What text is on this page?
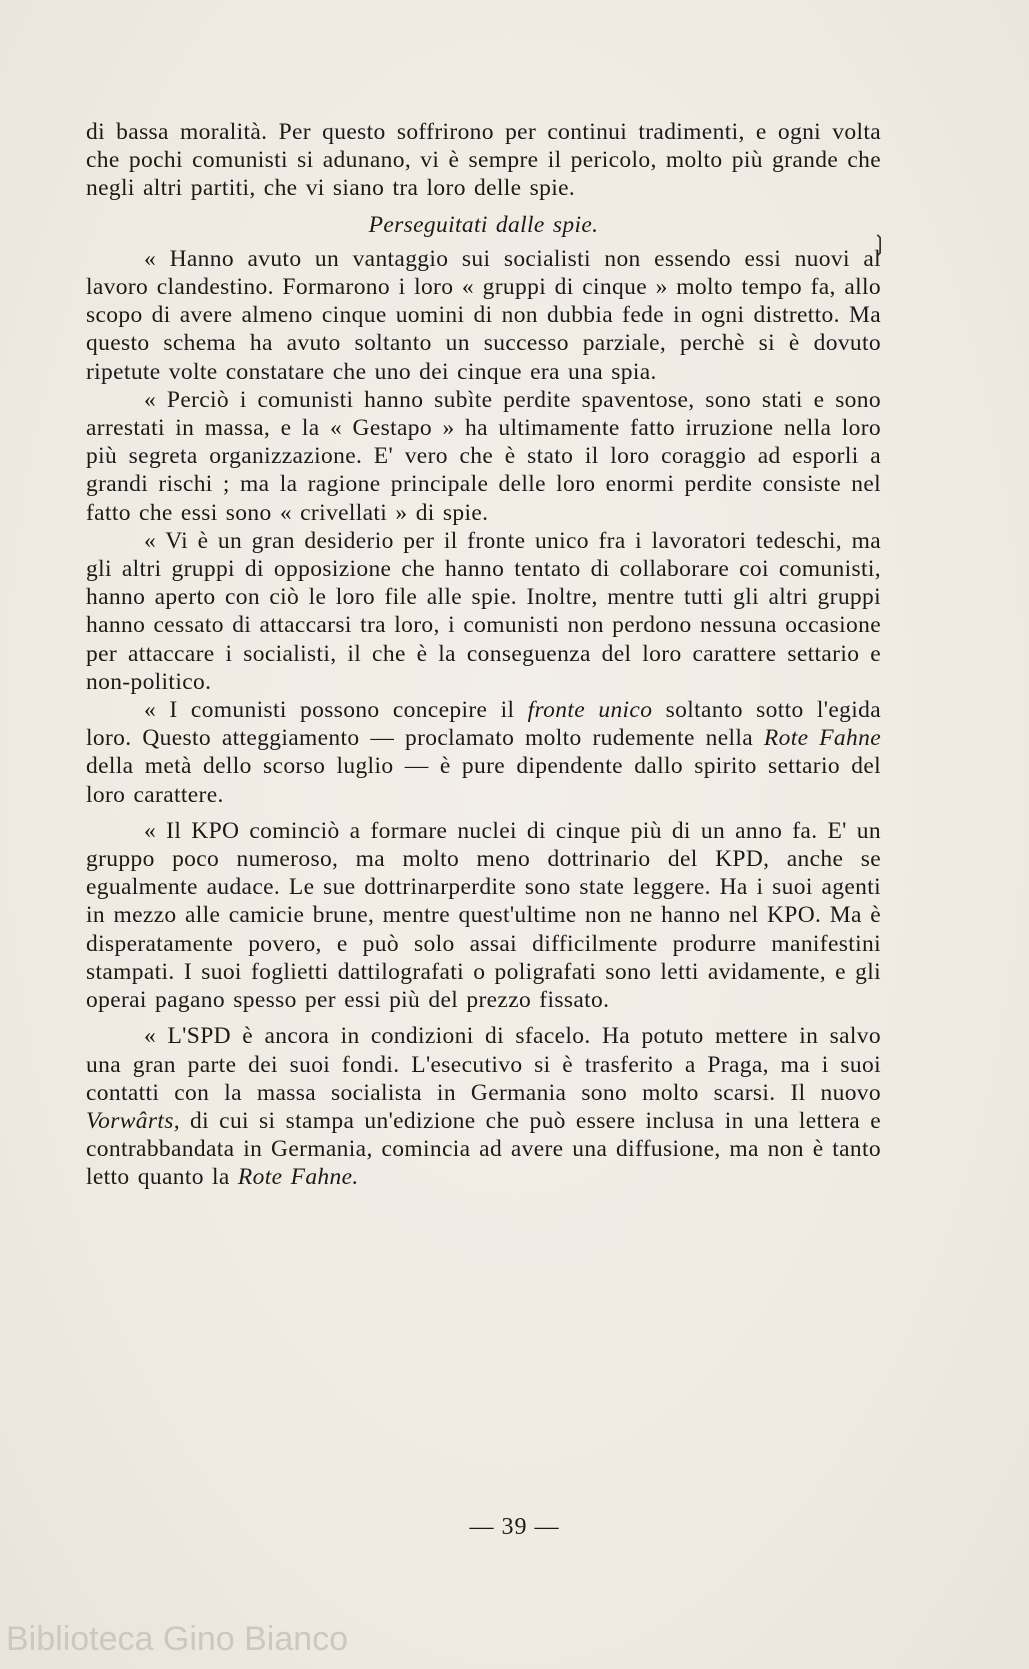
di bassa moralità. Per questo soffrirono per continui tradimenti, e ogni volta che pochi comunisti si adunano, vi è sempre il pericolo, molto più grande che negli altri partiti, che vi siano tra loro delle spie.

Perseguitati dalle spie.

« Hanno avuto un vantaggio sui socialisti non essendo essi nuovi al lavoro clandestino. Formarono i loro « gruppi di cinque » molto tempo fa, allo scopo di avere almeno cinque uomini di non dubbia fede in ogni distretto. Ma questo schema ha avuto soltanto un successo parziale, perchè si è dovuto ripetute volte constatare che uno dei cinque era una spia.

« Perciò i comunisti hanno subìte perdite spaventose, sono stati e sono arrestati in massa, e la « Gestapo » ha ultimamente fatto irruzione nella loro più segreta organizzazione. E' vero che è stato il loro coraggio ad esporli a grandi rischi ; ma la ragione principale delle loro enormi perdite consiste nel fatto che essi sono « crivellati » di spie.

« Vi è un gran desiderio per il fronte unico fra i lavoratori tedeschi, ma gli altri gruppi di opposizione che hanno tentato di collaborare coi comunisti, hanno aperto con ciò le loro file alle spie. Inoltre, mentre tutti gli altri gruppi hanno cessato di attaccarsi tra loro, i comunisti non perdono nessuna occasione per attaccare i socialisti, il che è la conseguenza del loro carattere settario e non-politico.

« I comunisti possono concepire il fronte unico soltanto sotto l'egida loro. Questo atteggiamento — proclamato molto rudemente nella Rote Fahne della metà dello scorso luglio — è pure dipendente dallo spirito settario del loro carattere.

« Il KPO cominciò a formare nuclei di cinque più di un anno fa. E' un gruppo poco numeroso, ma molto meno dottrinario del KPD, anche se egualmente audace. Le sue dottrinarperdite sono state leggere. Ha i suoi agenti in mezzo alle camicie brune, mentre quest'ultime non ne hanno nel KPO. Ma è disperatamente povero, e può solo assai difficilmente produrre manifestini stampati. I suoi foglietti dattilografati o poligrafati sono letti avidamente, e gli operai pagano spesso per essi più del prezzo fissato.

« L'SPD è ancora in condizioni di sfacelo. Ha potuto mettere in salvo una gran parte dei suoi fondi. L'esecutivo si è trasferito a Praga, ma i suoi contatti con la massa socialista in Germania sono molto scarsi. Il nuovo Vorwârts, di cui si stampa un'edizione che può essere inclusa in una lettera e contrabbandata in Germania, comincia ad avere una diffusione, ma non è tanto letto quanto la Rote Fahne.

❳
— 39 —
Biblioteca Gino Bianco
